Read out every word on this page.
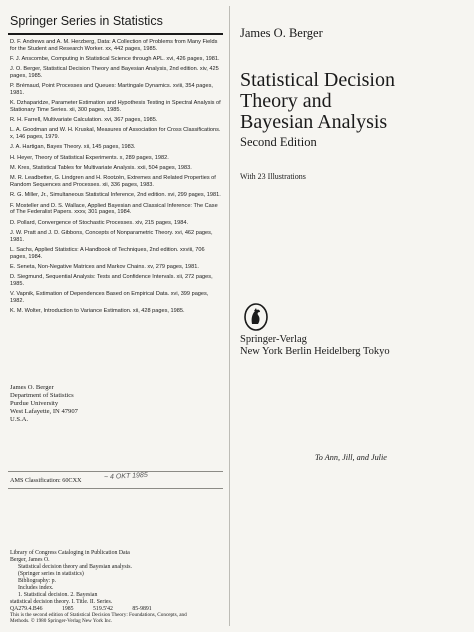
Springer Series in Statistics
D. F. Andrews and A. M. Herzberg, Data: A Collection of Problems from Many Fields for the Student and Research Worker. xx, 442 pages, 1985.
F. J. Anscombe, Computing in Statistical Science through APL. xvi, 426 pages, 1981.
J. O. Berger, Statistical Decision Theory and Bayesian Analysis, 2nd edition. xiv, 425 pages, 1985.
P. Brémaud, Point Processes and Queues: Martingale Dynamics. xviii, 354 pages, 1981.
K. Dzhaparidze, Parameter Estimation and Hypothesis Testing in Spectral Analysis of Stationary Time Series. xii, 300 pages, 1985.
R. H. Farrell, Multivariate Calculation. xvi, 367 pages, 1985.
L. A. Goodman and W. H. Kruskal, Measures of Association for Cross Classifications. x, 146 pages, 1979.
J. A. Hartigan, Bayes Theory. xii, 145 pages, 1983.
H. Heyer, Theory of Statistical Experiments. x, 289 pages, 1982.
M. Kres, Statistical Tables for Multivariate Analysis. xxii, 504 pages, 1983.
M. R. Leadbetter, G. Lindgren and H. Rootzén, Extremes and Related Properties of Random Sequences and Processes. xii, 336 pages, 1983.
R. G. Miller, Jr., Simultaneous Statistical Inference, 2nd edition. xvi, 299 pages, 1981.
F. Mosteller and D. S. Wallace, Applied Bayesian and Classical Inference: The Case of The Federalist Papers. xxxv, 301 pages, 1984.
D. Pollard, Convergence of Stochastic Processes. xiv, 215 pages, 1984.
J. W. Pratt and J. D. Gibbons, Concepts of Nonparametric Theory. xvi, 462 pages, 1981.
L. Sachs, Applied Statistics: A Handbook of Techniques, 2nd edition. xxviii, 706 pages, 1984.
E. Seneta, Non-Negative Matrices and Markov Chains. xv, 279 pages, 1981.
D. Siegmund, Sequential Analysis: Tests and Confidence Intervals. xii, 272 pages, 1985.
V. Vapnik, Estimation of Dependences Based on Empirical Data. xvi, 399 pages, 1982.
K. M. Wolter, Introduction to Variance Estimation. xii, 428 pages, 1985.
James O. Berger
Department of Statistics
Purdue University
West Lafayette, IN 47907
U.S.A.
AMS Classification: 60CXX	~ 4 OKT 1985
Library of Congress Cataloging in Publication Data
Berger, James O.
Statistical decision theory and Bayesian analysis.
(Springer series in statistics)
Bibliography: p.
Includes index.
1. Statistical decision. 2. Bayesian
statistical decision theory. I. Title. II. Series.
QA279.4.B46	1985	519.5'42	85-9891
This is the second edition of Statistical Decision Theory: Foundations, Concepts, and
Methods. © 1980 Springer-Verlag New York Inc.
James O. Berger
Statistical Decision
Theory and
Bayesian Analysis
Second Edition
With 23 Illustrations
Springer-Verlag
New York Berlin Heidelberg Tokyo
To Ann, Jill, and Julie
